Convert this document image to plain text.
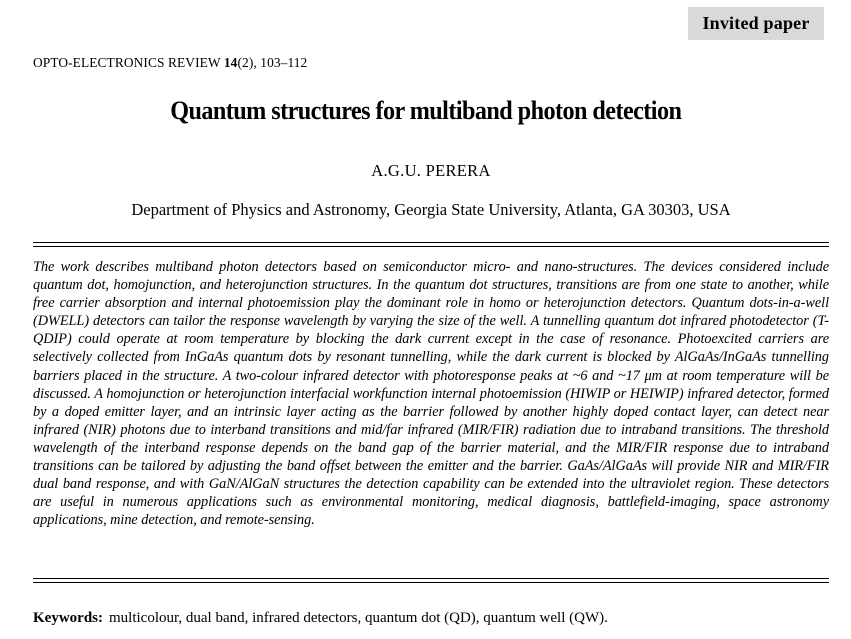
Invited paper
OPTO-ELECTRONICS REVIEW 14(2), 103–112
Quantum structures for multiband photon detection
A.G.U. PERERA
Department of Physics and Astronomy, Georgia State University, Atlanta, GA 30303, USA
The work describes multiband photon detectors based on semiconductor micro- and nano-structures. The devices considered include quantum dot, homojunction, and heterojunction structures. In the quantum dot structures, transitions are from one state to another, while free carrier absorption and internal photoemission play the dominant role in homo or heterojunction detectors. Quantum dots-in-a-well (DWELL) detectors can tailor the response wavelength by varying the size of the well. A tunnelling quantum dot infrared photodetector (T-QDIP) could operate at room temperature by blocking the dark current except in the case of resonance. Photoexcited carriers are selectively collected from InGaAs quantum dots by resonant tunnelling, while the dark current is blocked by AlGaAs/InGaAs tunnelling barriers placed in the structure. A two-colour infrared detector with photoresponse peaks at ~6 and ~17 μm at room temperature will be discussed. A homojunction or heterojunction interfacial workfunction internal photoemission (HIWIP or HEIWIP) infrared detector, formed by a doped emitter layer, and an intrinsic layer acting as the barrier followed by another highly doped contact layer, can detect near infrared (NIR) photons due to interband transitions and mid/far infrared (MIR/FIR) radiation due to intraband transitions. The threshold wavelength of the interband response depends on the band gap of the barrier material, and the MIR/FIR response due to intraband transitions can be tailored by adjusting the band offset between the emitter and the barrier. GaAs/AlGaAs will provide NIR and MIR/FIR dual band response, and with GaN/AlGaN structures the detection capability can be extended into the ultraviolet region. These detectors are useful in numerous applications such as environmental monitoring, medical diagnosis, battlefield-imaging, space astronomy applications, mine detection, and remote-sensing.
Keywords: multicolour, dual band, infrared detectors, quantum dot (QD), quantum well (QW).
